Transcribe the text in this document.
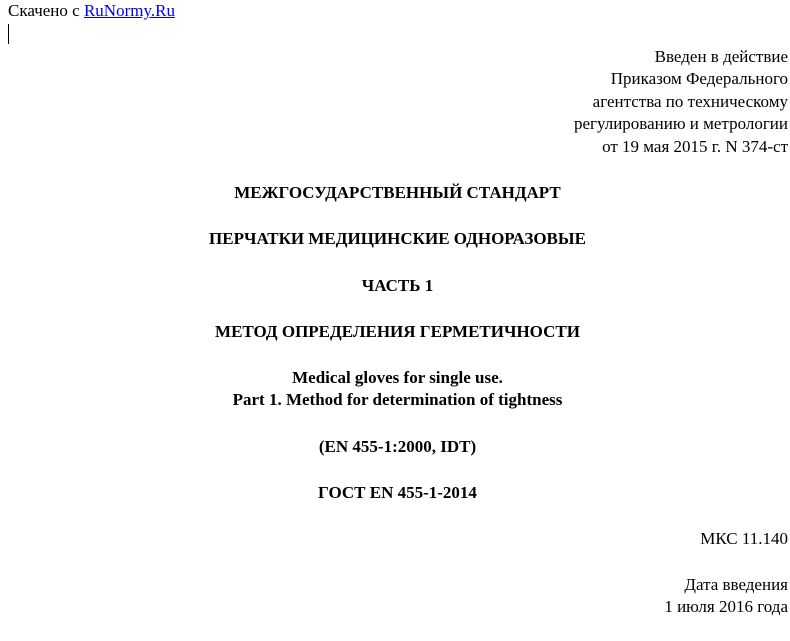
Скачено с RuNormy.Ru
Введен в действие
Приказом Федерального
агентства по техническому
регулированию и метрологии
от 19 мая 2015 г. N 374-ст
МЕЖГОСУДАРСТВЕННЫЙ СТАНДАРТ
ПЕРЧАТКИ МЕДИЦИНСКИЕ ОДНОРАЗОВЫЕ
ЧАСТЬ 1
МЕТОД ОПРЕДЕЛЕНИЯ ГЕРМЕТИЧНОСТИ
Medical gloves for single use.
Part 1. Method for determination of tightness
(EN 455-1:2000, IDT)
ГОСТ EN 455-1-2014
МКС 11.140
Дата введения
1 июля 2016 года
